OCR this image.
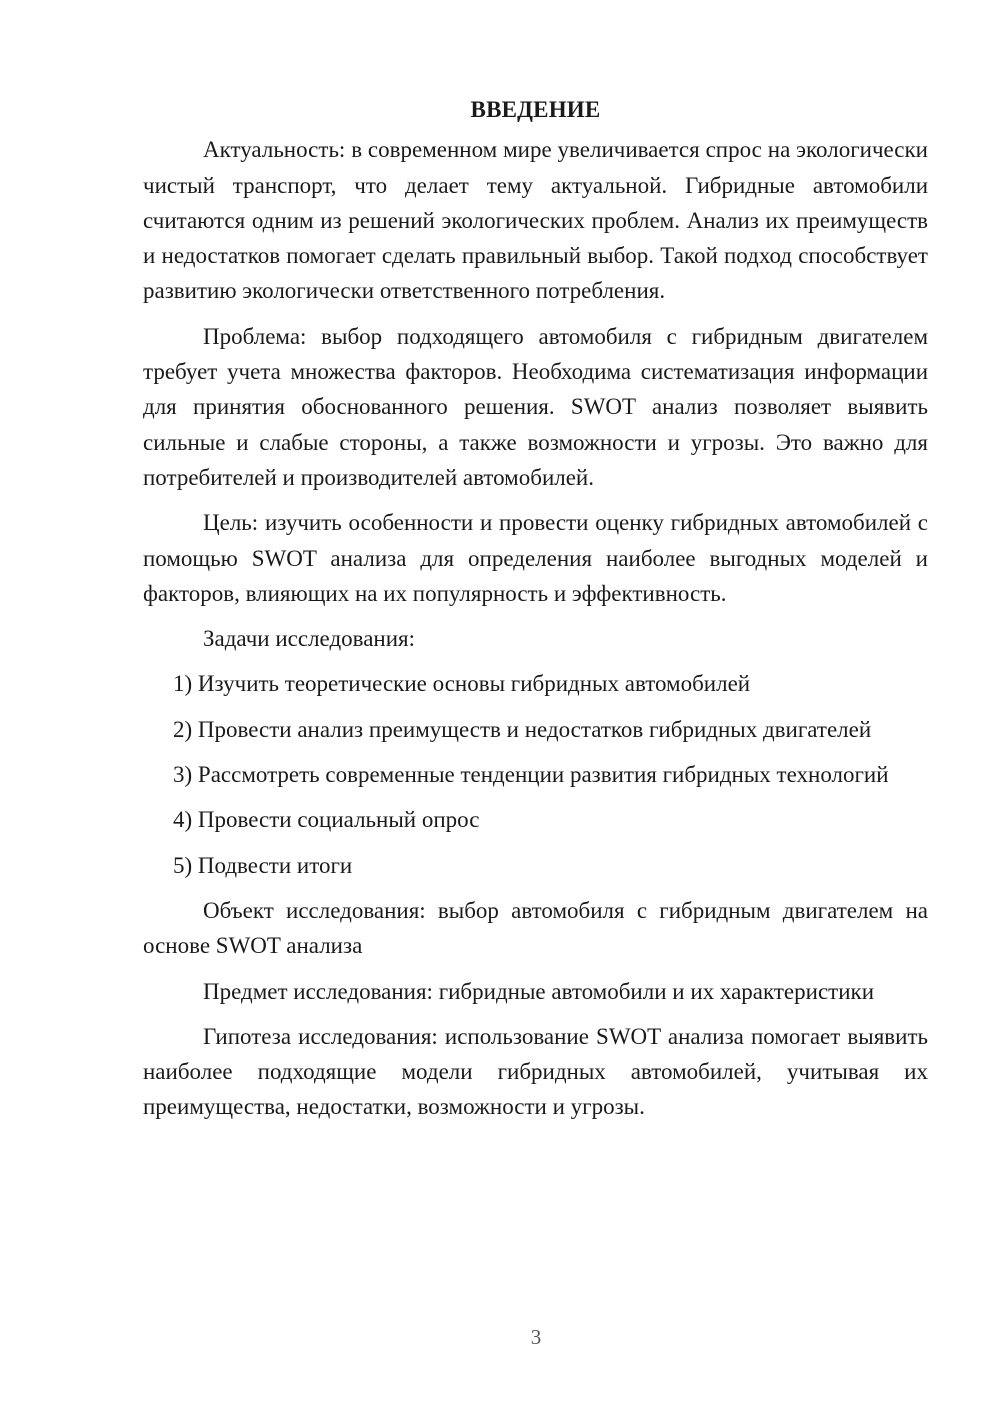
ВВЕДЕНИЕ

Актуальность: в современном мире увеличивается спрос на экологически чистый транспорт, что делает тему актуальной. Гибридные автомобили считаются одним из решений экологических проблем. Анализ их преимуществ и недостатков помогает сделать правильный выбор. Такой подход способствует развитию экологически ответственного потребления.

Проблема: выбор подходящего автомобиля с гибридным двигателем требует учета множества факторов. Необходима систематизация информации для принятия обоснованного решения. SWOT анализ позволяет выявить сильные и слабые стороны, а также возможности и угрозы. Это важно для потребителей и производителей автомобилей.

Цель: изучить особенности и провести оценку гибридных автомобилей с помощью SWOT анализа для определения наиболее выгодных моделей и факторов, влияющих на их популярность и эффективность.

Задачи исследования:

1) Изучить теоретические основы гибридных автомобилей

2) Провести анализ преимуществ и недостатков гибридных двигателей

3) Рассмотреть современные тенденции развития гибридных технологий

4) Провести социальный опрос

5) Подвести итоги

Объект исследования: выбор автомобиля с гибридным двигателем на основе SWOT анализа

Предмет исследования: гибридные автомобили и их характеристики

Гипотеза исследования: использование SWOT анализа помогает выявить наиболее подходящие модели гибридных автомобилей, учитывая их преимущества, недостатки, возможности и угрозы.

3
